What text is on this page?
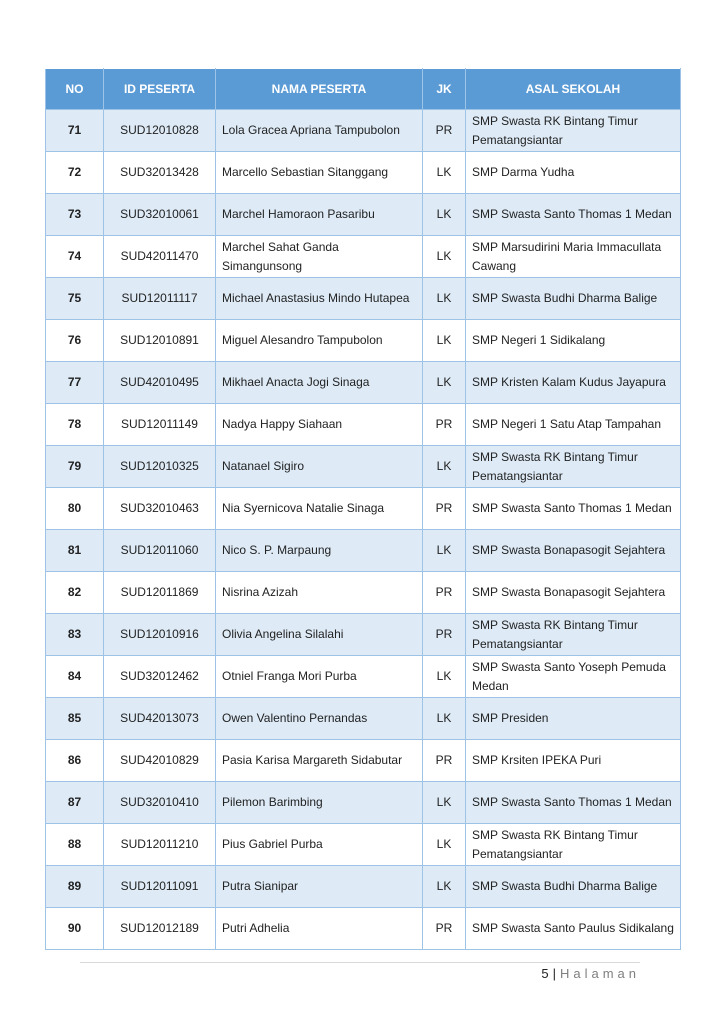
NO	ID PESERTA	NAMA PESERTA	JK	ASAL SEKOLAH
71	SUD12010828	Lola Gracea Apriana Tampubolon	PR	SMP Swasta RK Bintang Timur Pematangsiantar
72	SUD32013428	Marcello Sebastian Sitanggang	LK	SMP Darma Yudha
73	SUD32010061	Marchel Hamoraon Pasaribu	LK	SMP Swasta Santo Thomas 1 Medan
74	SUD42011470	Marchel Sahat Ganda Simangunsong	LK	SMP Marsudirini Maria Immacullata Cawang
75	SUD12011117	Michael Anastasius Mindo Hutapea	LK	SMP Swasta Budhi Dharma Balige
76	SUD12010891	Miguel Alesandro Tampubolon	LK	SMP Negeri 1 Sidikalang
77	SUD42010495	Mikhael Anacta Jogi Sinaga	LK	SMP Kristen Kalam Kudus Jayapura
78	SUD12011149	Nadya Happy Siahaan	PR	SMP Negeri 1 Satu Atap Tampahan
79	SUD12010325	Natanael Sigiro	LK	SMP Swasta RK Bintang Timur Pematangsiantar
80	SUD32010463	Nia Syernicova Natalie Sinaga	PR	SMP Swasta Santo Thomas 1 Medan
81	SUD12011060	Nico S. P. Marpaung	LK	SMP Swasta Bonapasogit Sejahtera
82	SUD12011869	Nisrina Azizah	PR	SMP Swasta Bonapasogit Sejahtera
83	SUD12010916	Olivia Angelina Silalahi	PR	SMP Swasta RK Bintang Timur Pematangsiantar
84	SUD32012462	Otniel Franga Mori Purba	LK	SMP Swasta Santo Yoseph Pemuda Medan
85	SUD42013073	Owen Valentino Pernandas	LK	SMP Presiden
86	SUD42010829	Pasia Karisa Margareth Sidabutar	PR	SMP Krsiten IPEKA Puri
87	SUD32010410	Pilemon Barimbing	LK	SMP Swasta Santo Thomas 1 Medan
88	SUD12011210	Pius Gabriel Purba	LK	SMP Swasta RK Bintang Timur Pematangsiantar
89	SUD12011091	Putra Sianipar	LK	SMP Swasta Budhi Dharma Balige
90	SUD12012189	Putri Adhelia	PR	SMP Swasta Santo Paulus Sidikalang
5 | Halaman
